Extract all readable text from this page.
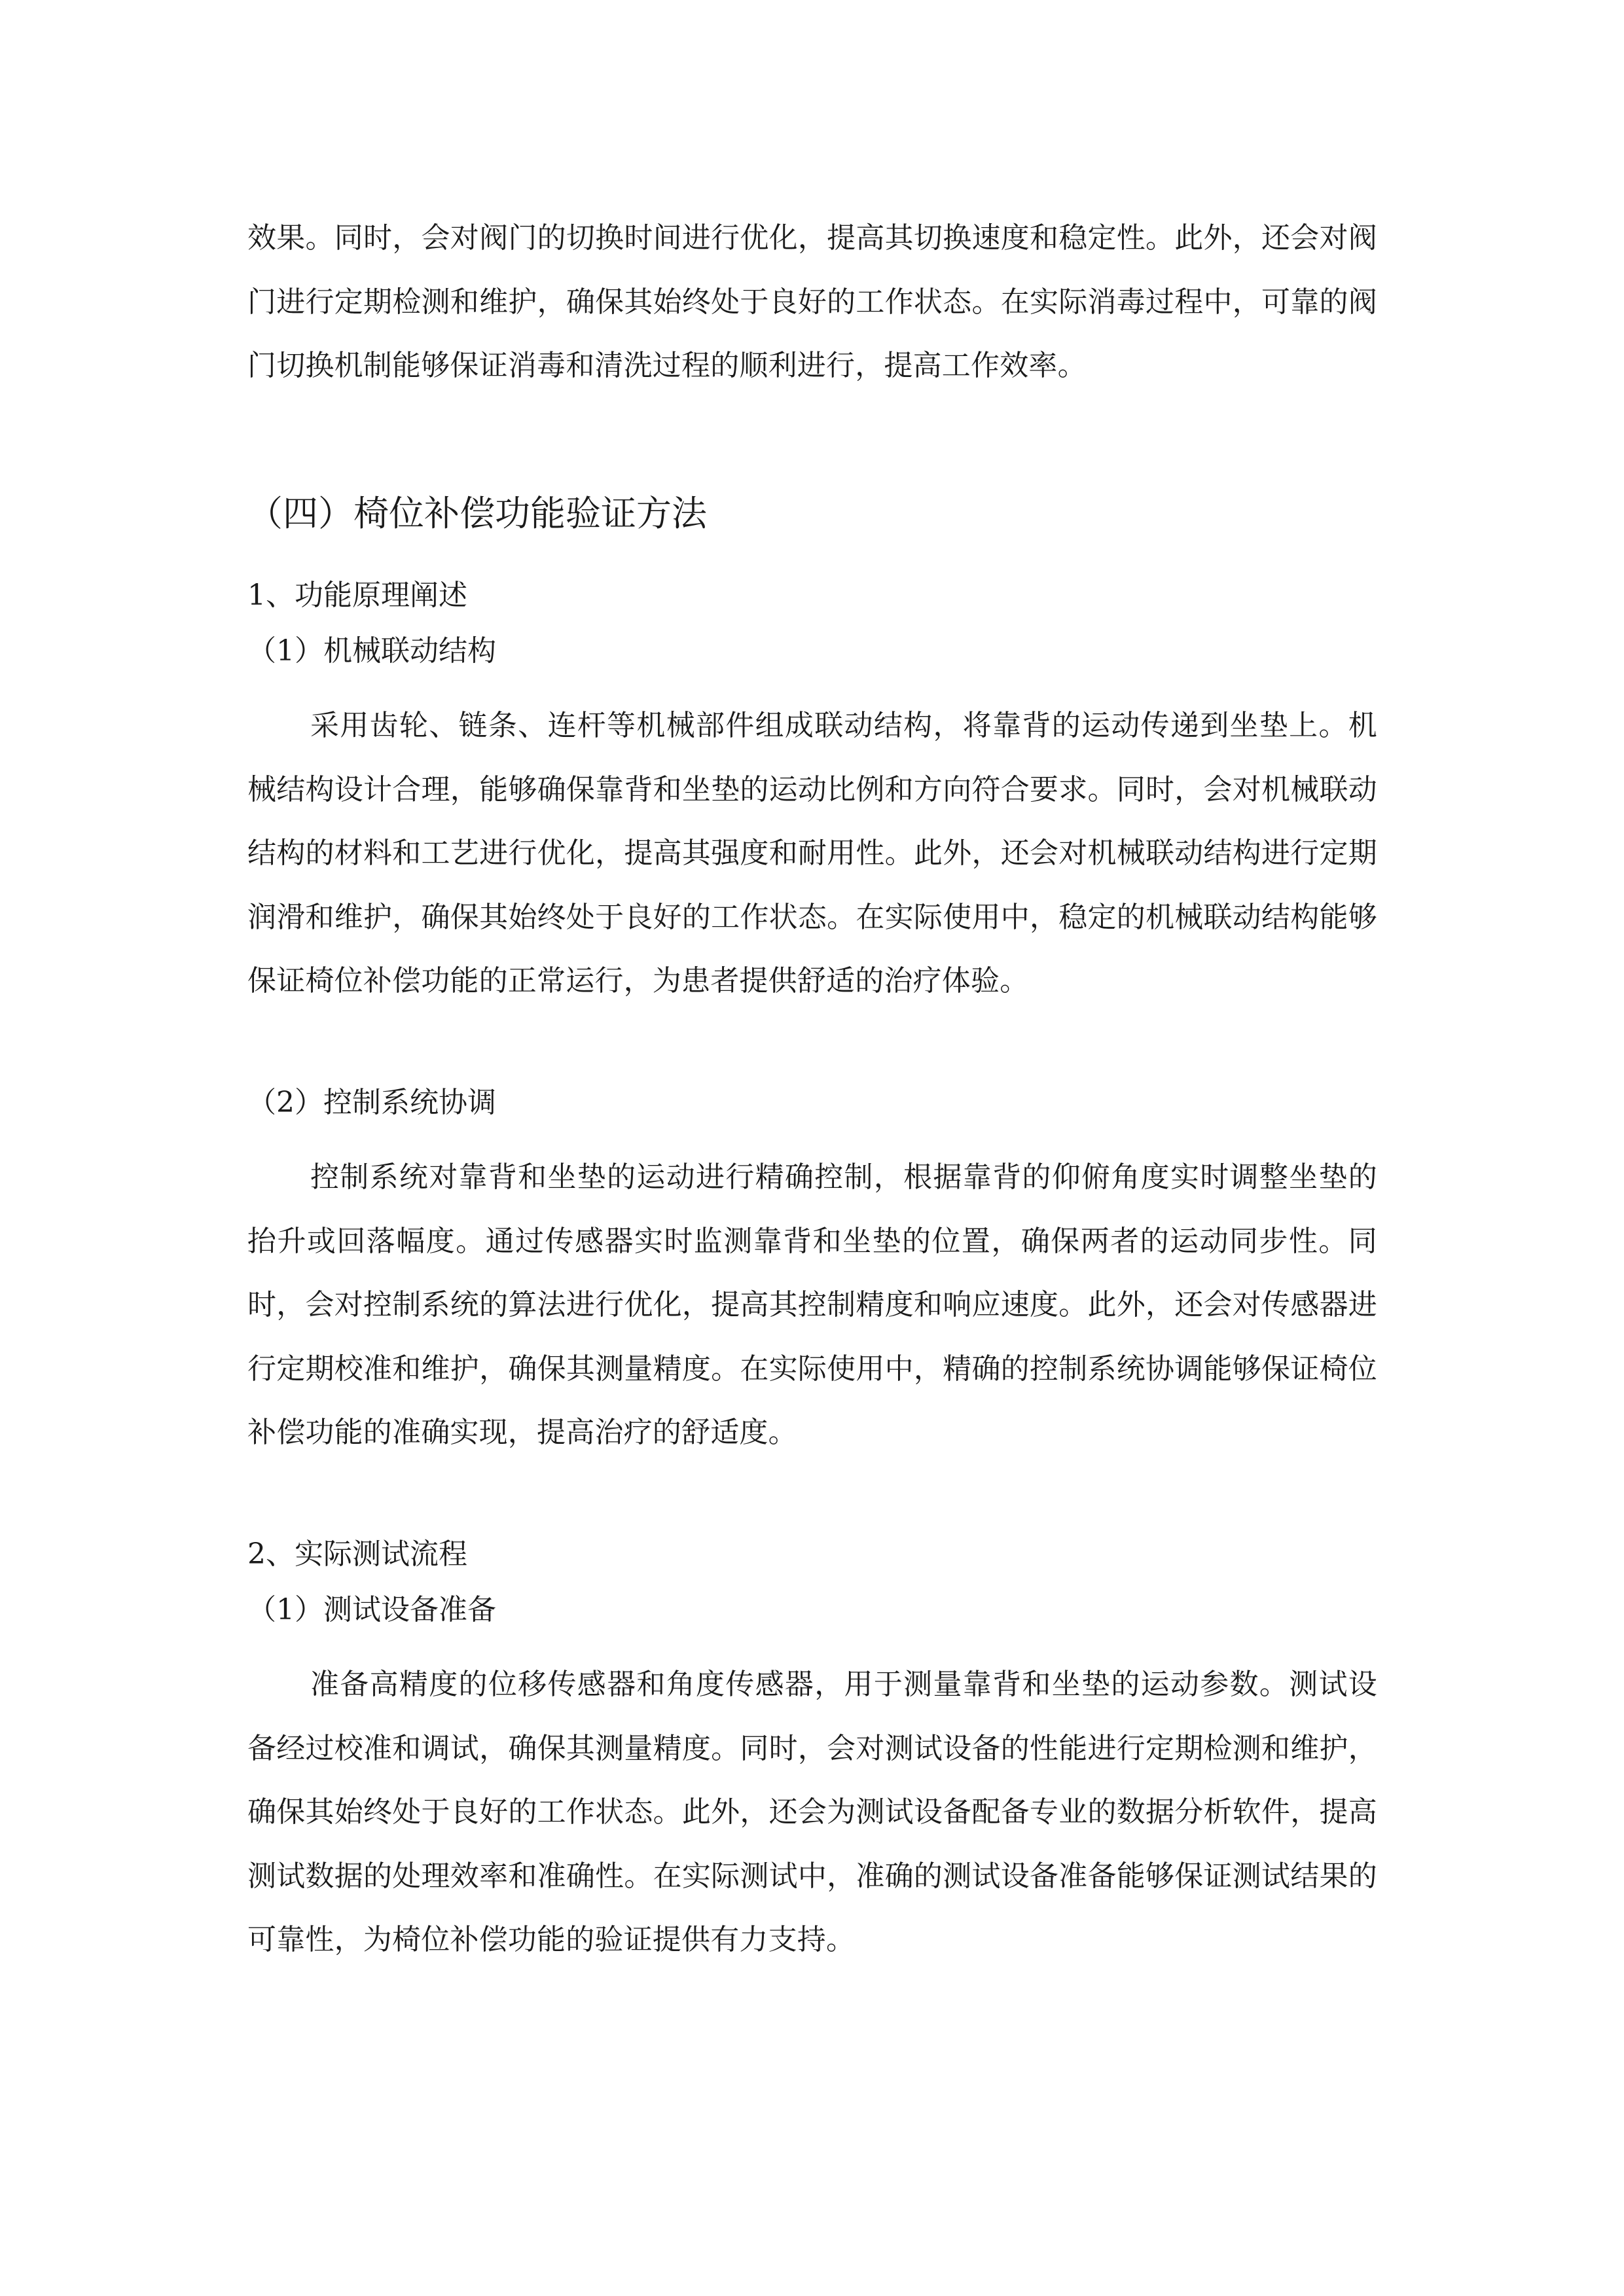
效果。同时，会对阀门的切换时间进行优化，提高其切换速度和稳定性。此外，还会对阀门进行定期检测和维护，确保其始终处于良好的工作状态。在实际消毒过程中，可靠的阀门切换机制能够保证消毒和清洗过程的顺利进行，提高工作效率。

（四）椅位补偿功能验证方法

1、功能原理阐述

（1）机械联动结构

采用齿轮、链条、连杆等机械部件组成联动结构，将靠背的运动传递到坐垫上。机械结构设计合理，能够确保靠背和坐垫的运动比例和方向符合要求。同时，会对机械联动结构的材料和工艺进行优化，提高其强度和耐用性。此外，还会对机械联动结构进行定期润滑和维护，确保其始终处于良好的工作状态。在实际使用中，稳定的机械联动结构能够保证椅位补偿功能的正常运行，为患者提供舒适的治疗体验。

（2）控制系统协调

控制系统对靠背和坐垫的运动进行精确控制，根据靠背的仰俯角度实时调整坐垫的抬升或回落幅度。通过传感器实时监测靠背和坐垫的位置，确保两者的运动同步性。同时，会对控制系统的算法进行优化，提高其控制精度和响应速度。此外，还会对传感器进行定期校准和维护，确保其测量精度。在实际使用中，精确的控制系统协调能够保证椅位补偿功能的准确实现，提高治疗的舒适度。

2、实际测试流程

（1）测试设备准备

准备高精度的位移传感器和角度传感器，用于测量靠背和坐垫的运动参数。测试设备经过校准和调试，确保其测量精度。同时，会对测试设备的性能进行定期检测和维护，确保其始终处于良好的工作状态。此外，还会为测试设备配备专业的数据分析软件，提高测试数据的处理效率和准确性。在实际测试中，准确的测试设备准备能够保证测试结果的可靠性，为椅位补偿功能的验证提供有力支持。
